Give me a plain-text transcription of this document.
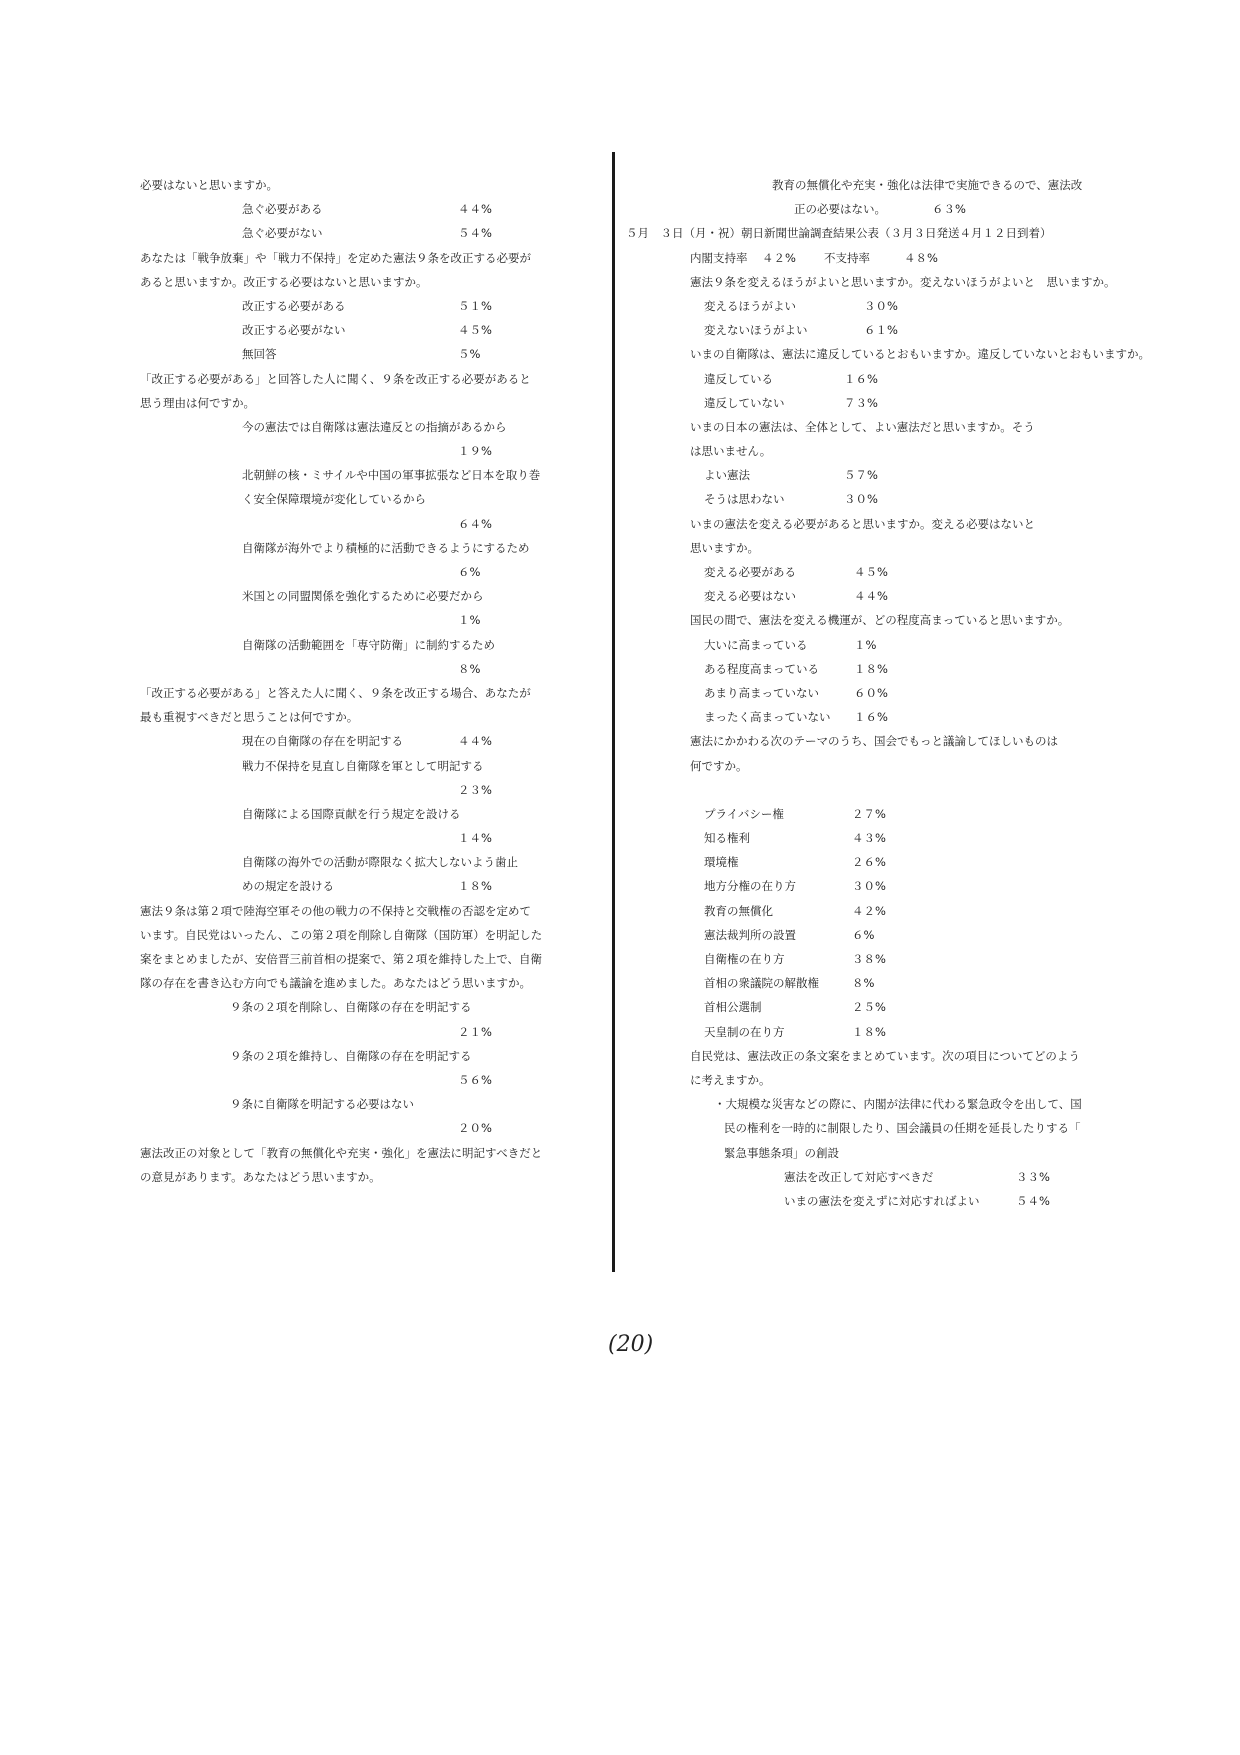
必要はないと思いますか。
急ぐ必要がある	４４%
急ぐ必要がない	５４%
あなたは「戦争放棄」や「戦力不保持」を定めた憲法９条を改正する必要が
あると思いますか。改正する必要はないと思いますか。
改正する必要がある	５１%
改正する必要がない	４５%
無回答	５%
「改正する必要がある」と回答した人に聞く、９条を改正する必要があると
思う理由は何ですか。
今の憲法では自衛隊は憲法違反との指摘があるから
１９%
北朝鮮の核・ミサイルや中国の軍事拡張など日本を取り巻
く安全保障環境が変化しているから
６４%
自衛隊が海外でより積極的に活動できるようにするため
６%
米国との同盟関係を強化するために必要だから
１%
自衛隊の活動範囲を「専守防衛」に制約するため
８%
「改正する必要がある」と答えた人に聞く、９条を改正する場合、あなたが
最も重視すべきだと思うことは何ですか。
現在の自衛隊の存在を明記する	４４%
戦力不保持を見直し自衛隊を軍として明記する
２３%
自衛隊による国際貢献を行う規定を設ける
１４%
自衛隊の海外での活動が際限なく拡大しないよう歯止
めの規定を設ける	１８%
憲法９条は第２項で陸海空軍その他の戦力の不保持と交戦権の否認を定めて
います。自民党はいったん、この第２項を削除し自衛隊（国防軍）を明記した
案をまとめましたが、安倍晋三前首相の提案で、第２項を維持した上で、自衛
隊の存在を書き込む方向でも議論を進めました。あなたはどう思いますか。
９条の２項を削除し、自衛隊の存在を明記する
２１%
９条の２項を維持し、自衛隊の存在を明記する
５６%
９条に自衛隊を明記する必要はない
２０%
憲法改正の対象として「教育の無償化や充実・強化」を憲法に明記すべきだと
の意見があります。あなたはどう思いますか。
教育の無償化や充実・強化は法律で実施できるので、憲法改
正の必要はない。	６３%
５月　３日（月・祝）朝日新聞世論調査結果公表（３月３日発送４月１２日到着）
内閣支持率	４２%	不支持率	４８%
憲法９条を変えるほうがよいと思いますか。変えないほうがよいと　思いますか。
変えるほうがよい	３０%
変えないほうがよい	６１%
いまの自衛隊は、憲法に違反しているとおもいますか。違反していないとおもいますか。
違反している	１６%
違反していない	７３%
いまの日本の憲法は、全体として、よい憲法だと思いますか。そう
は思いません。
よい憲法	５７%
そうは思わない	３０%
いまの憲法を変える必要があると思いますか。変える必要はないと
思いますか。
変える必要がある	４５%
変える必要はない	４４%
国民の間で、憲法を変える機運が、どの程度高まっていると思いますか。
大いに高まっている	１%
ある程度高まっている	１８%
あまり高まっていない	６０%
まったく高まっていない	１６%
憲法にかかわる次のテーマのうち、国会でもっと議論してほしいものは
何ですか。
プライバシー権	２７%
知る権利	４３%
環境権	２６%
地方分権の在り方	３０%
教育の無償化	４２%
憲法裁判所の設置	６%
自衛権の在り方	３８%
首相の衆議院の解散権	８%
首相公選制	２５%
天皇制の在り方	１８%
自民党は、憲法改正の条文案をまとめています。次の項目についてどのよう
に考えますか。
・大規模な災害などの際に、内閣が法律に代わる緊急政令を出して、国
民の権利を一時的に制限したり、国会議員の任期を延長したりする「
緊急事態条項」の創設
憲法を改正して対応すべきだ	３３%
いまの憲法を変えずに対応すればよい	５４%
(20)
